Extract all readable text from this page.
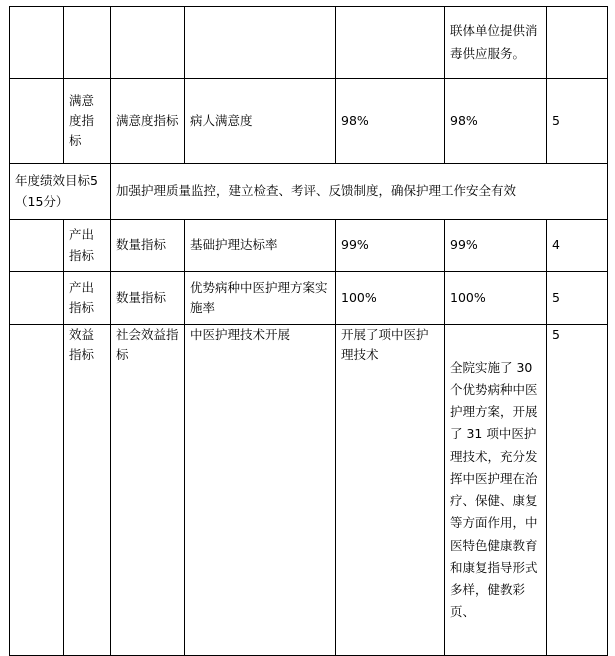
					联体单位提供消毒供应服务。	
	满意度指标	满意度指标	病人满意度	98%	98%	5
年度绩效目标5（15分）		加强护理质量监控，建立检查、考评、反馈制度，确保护理工作安全有效				
	产出指标	数量指标	基础护理达标率	99%	99%	4
	产出指标	数量指标	优势病种中医护理方案实施率	100%	100%	5
	效益指标	社会效益指标	中医护理技术开展	开展了项中医护理技术	全院实施了 30 个优势病种中医护理方案，开展了 31 项中医护理技术，充分发挥中医护理在治疗、保健、康复等方面作用，中医特色健康教育和康复指导形式多样，健教彩页、	5
